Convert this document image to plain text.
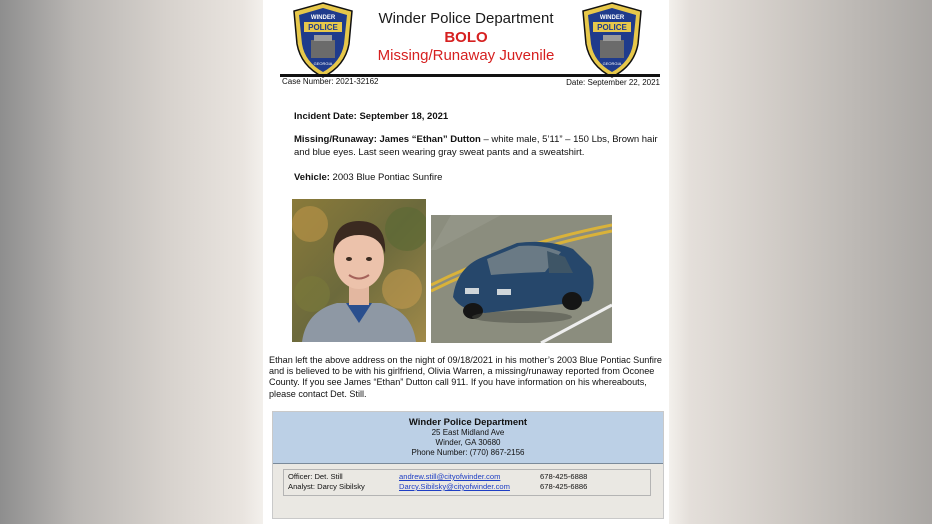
WINDER
POLICE
GEORGIA
WINDER
POLICE
GEORGIA
Winder Police Department
BOLO
Missing/Runaway Juvenile
Case Number: 2021-32162	Date: September 22, 2021
Incident Date: September 18, 2021
Missing/Runaway: James “Ethan” Dutton – white male, 5’11” – 150 Lbs, Brown hair and blue eyes. Last seen wearing gray sweat pants and a sweatshirt.
Vehicle: 2003 Blue Pontiac Sunfire
Ethan left the above address on the night of 09/18/2021 in his mother’s 2003 Blue Pontiac Sunfire and is believed to be with his girlfriend, Olivia Warren, a missing/runaway reported from Oconee County. If you see James “Ethan” Dutton call 911. If you have information on his whereabouts, please contact Det. Still.
Winder Police Department
25 East Midland Ave
Winder, GA 30680
Phone Number: (770) 867-2156
Officer: Det. Still	andrew.still@cityofwinder.com	678-425-6888
Analyst: Darcy Sibilsky	Darcy.Sibilsky@cityofwinder.com	678-425-6886
